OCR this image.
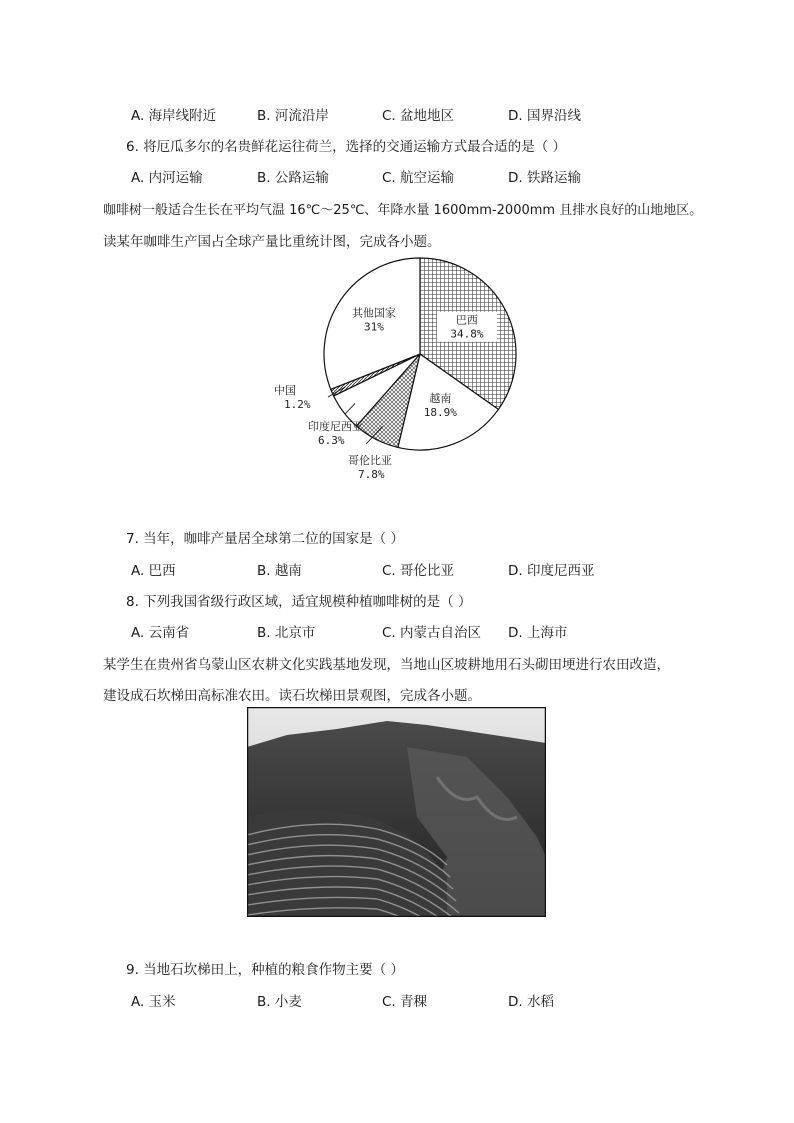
A. 海岸线附近	B. 河流沿岸	C. 盆地地区	D. 国界沿线
6. 将厄瓜多尔的名贵鲜花运往荷兰，选择的交通运输方式最合适的是（ ）
A. 内河运输	B. 公路运输	C. 航空运输	D. 铁路运输
咖啡树一般适合生长在平均气温 16℃～25℃、年降水量 1600mm-2000mm 且排水良好的山地地区。
读某年咖啡生产国占全球产量比重统计图，完成各小题。
巴西
34.8%
越南
18.9%
哥伦比亚
7.8%
印度尼西亚
6.3%
中国
1.2%
其他国家
31%
7. 当年，咖啡产量居全球第二位的国家是（ ）
A. 巴西	B. 越南	C. 哥伦比亚	D. 印度尼西亚
8. 下列我国省级行政区域，适宜规模种植咖啡树的是（ ）
A. 云南省	B. 北京市	C. 内蒙古自治区 D. 上海市
某学生在贵州省乌蒙山区农耕文化实践基地发现，当地山区坡耕地用石头砌田埂进行农田改造，
建设成石坎梯田高标准农田。读石坎梯田景观图，完成各小题。
9. 当地石坎梯田上，种植的粮食作物主要（ ）
A. 玉米	B. 小麦	C. 青稞	D. 水稻
